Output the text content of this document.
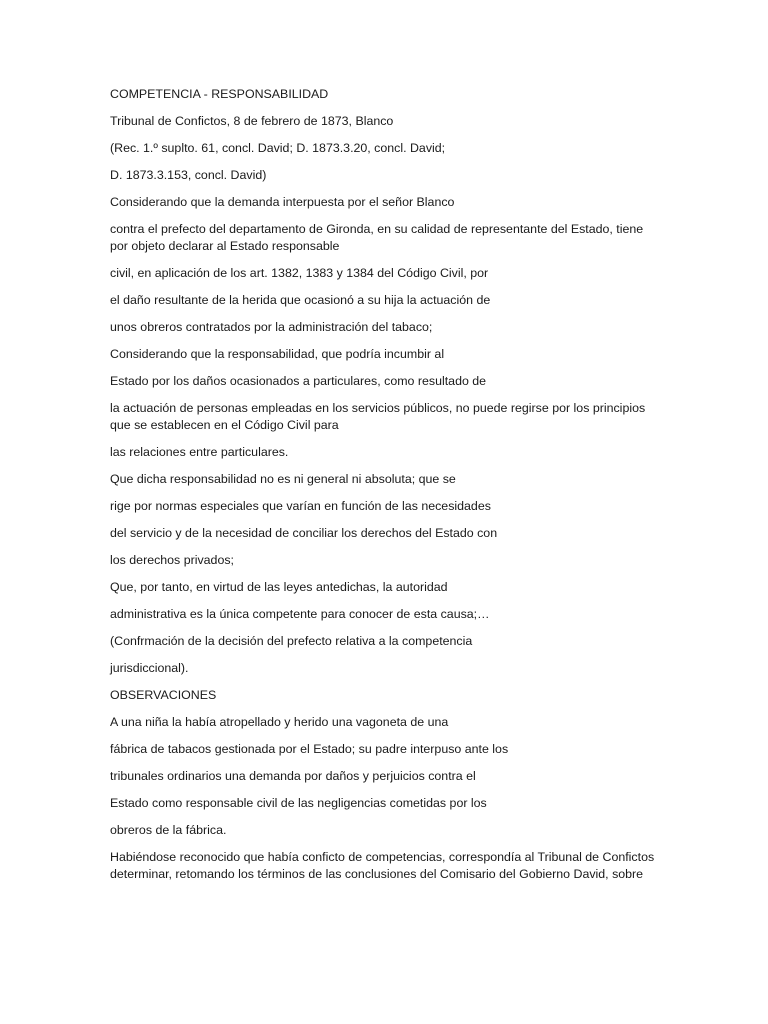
COMPETENCIA - RESPONSABILIDAD

Tribunal de Confictos, 8 de febrero de 1873, Blanco

(Rec. 1.º suplto. 61, concl. David; D. 1873.3.20, concl. David;

D. 1873.3.153, concl. David)

Considerando que la demanda interpuesta por el señor Blanco

contra el prefecto del departamento de Gironda, en su calidad de representante del Estado, tiene por objeto declarar al Estado responsable

civil, en aplicación de los art. 1382, 1383 y 1384 del Código Civil, por

el daño resultante de la herida que ocasionó a su hija la actuación de

unos obreros contratados por la administración del tabaco;

Considerando que la responsabilidad, que podría incumbir al

Estado por los daños ocasionados a particulares, como resultado de

la actuación de personas empleadas en los servicios públicos, no puede regirse por los principios que se establecen en el Código Civil para

las relaciones entre particulares.

Que dicha responsabilidad no es ni general ni absoluta; que se

rige por normas especiales que varían en función de las necesidades

del servicio y de la necesidad de conciliar los derechos del Estado con

los derechos privados;

Que, por tanto, en virtud de las leyes antedichas, la autoridad

administrativa es la única competente para conocer de esta causa;…

(Confrmación de la decisión del prefecto relativa a la competencia

jurisdiccional).

OBSERVACIONES

A una niña la había atropellado y herido una vagoneta de una

fábrica de tabacos gestionada por el Estado; su padre interpuso ante los

tribunales ordinarios una demanda por daños y perjuicios contra el

Estado como responsable civil de las negligencias cometidas por los

obreros de la fábrica.

Habiéndose reconocido que había conficto de competencias, correspondía al Tribunal de Confictos determinar, retomando los términos de las conclusiones del Comisario del Gobierno David, sobre
